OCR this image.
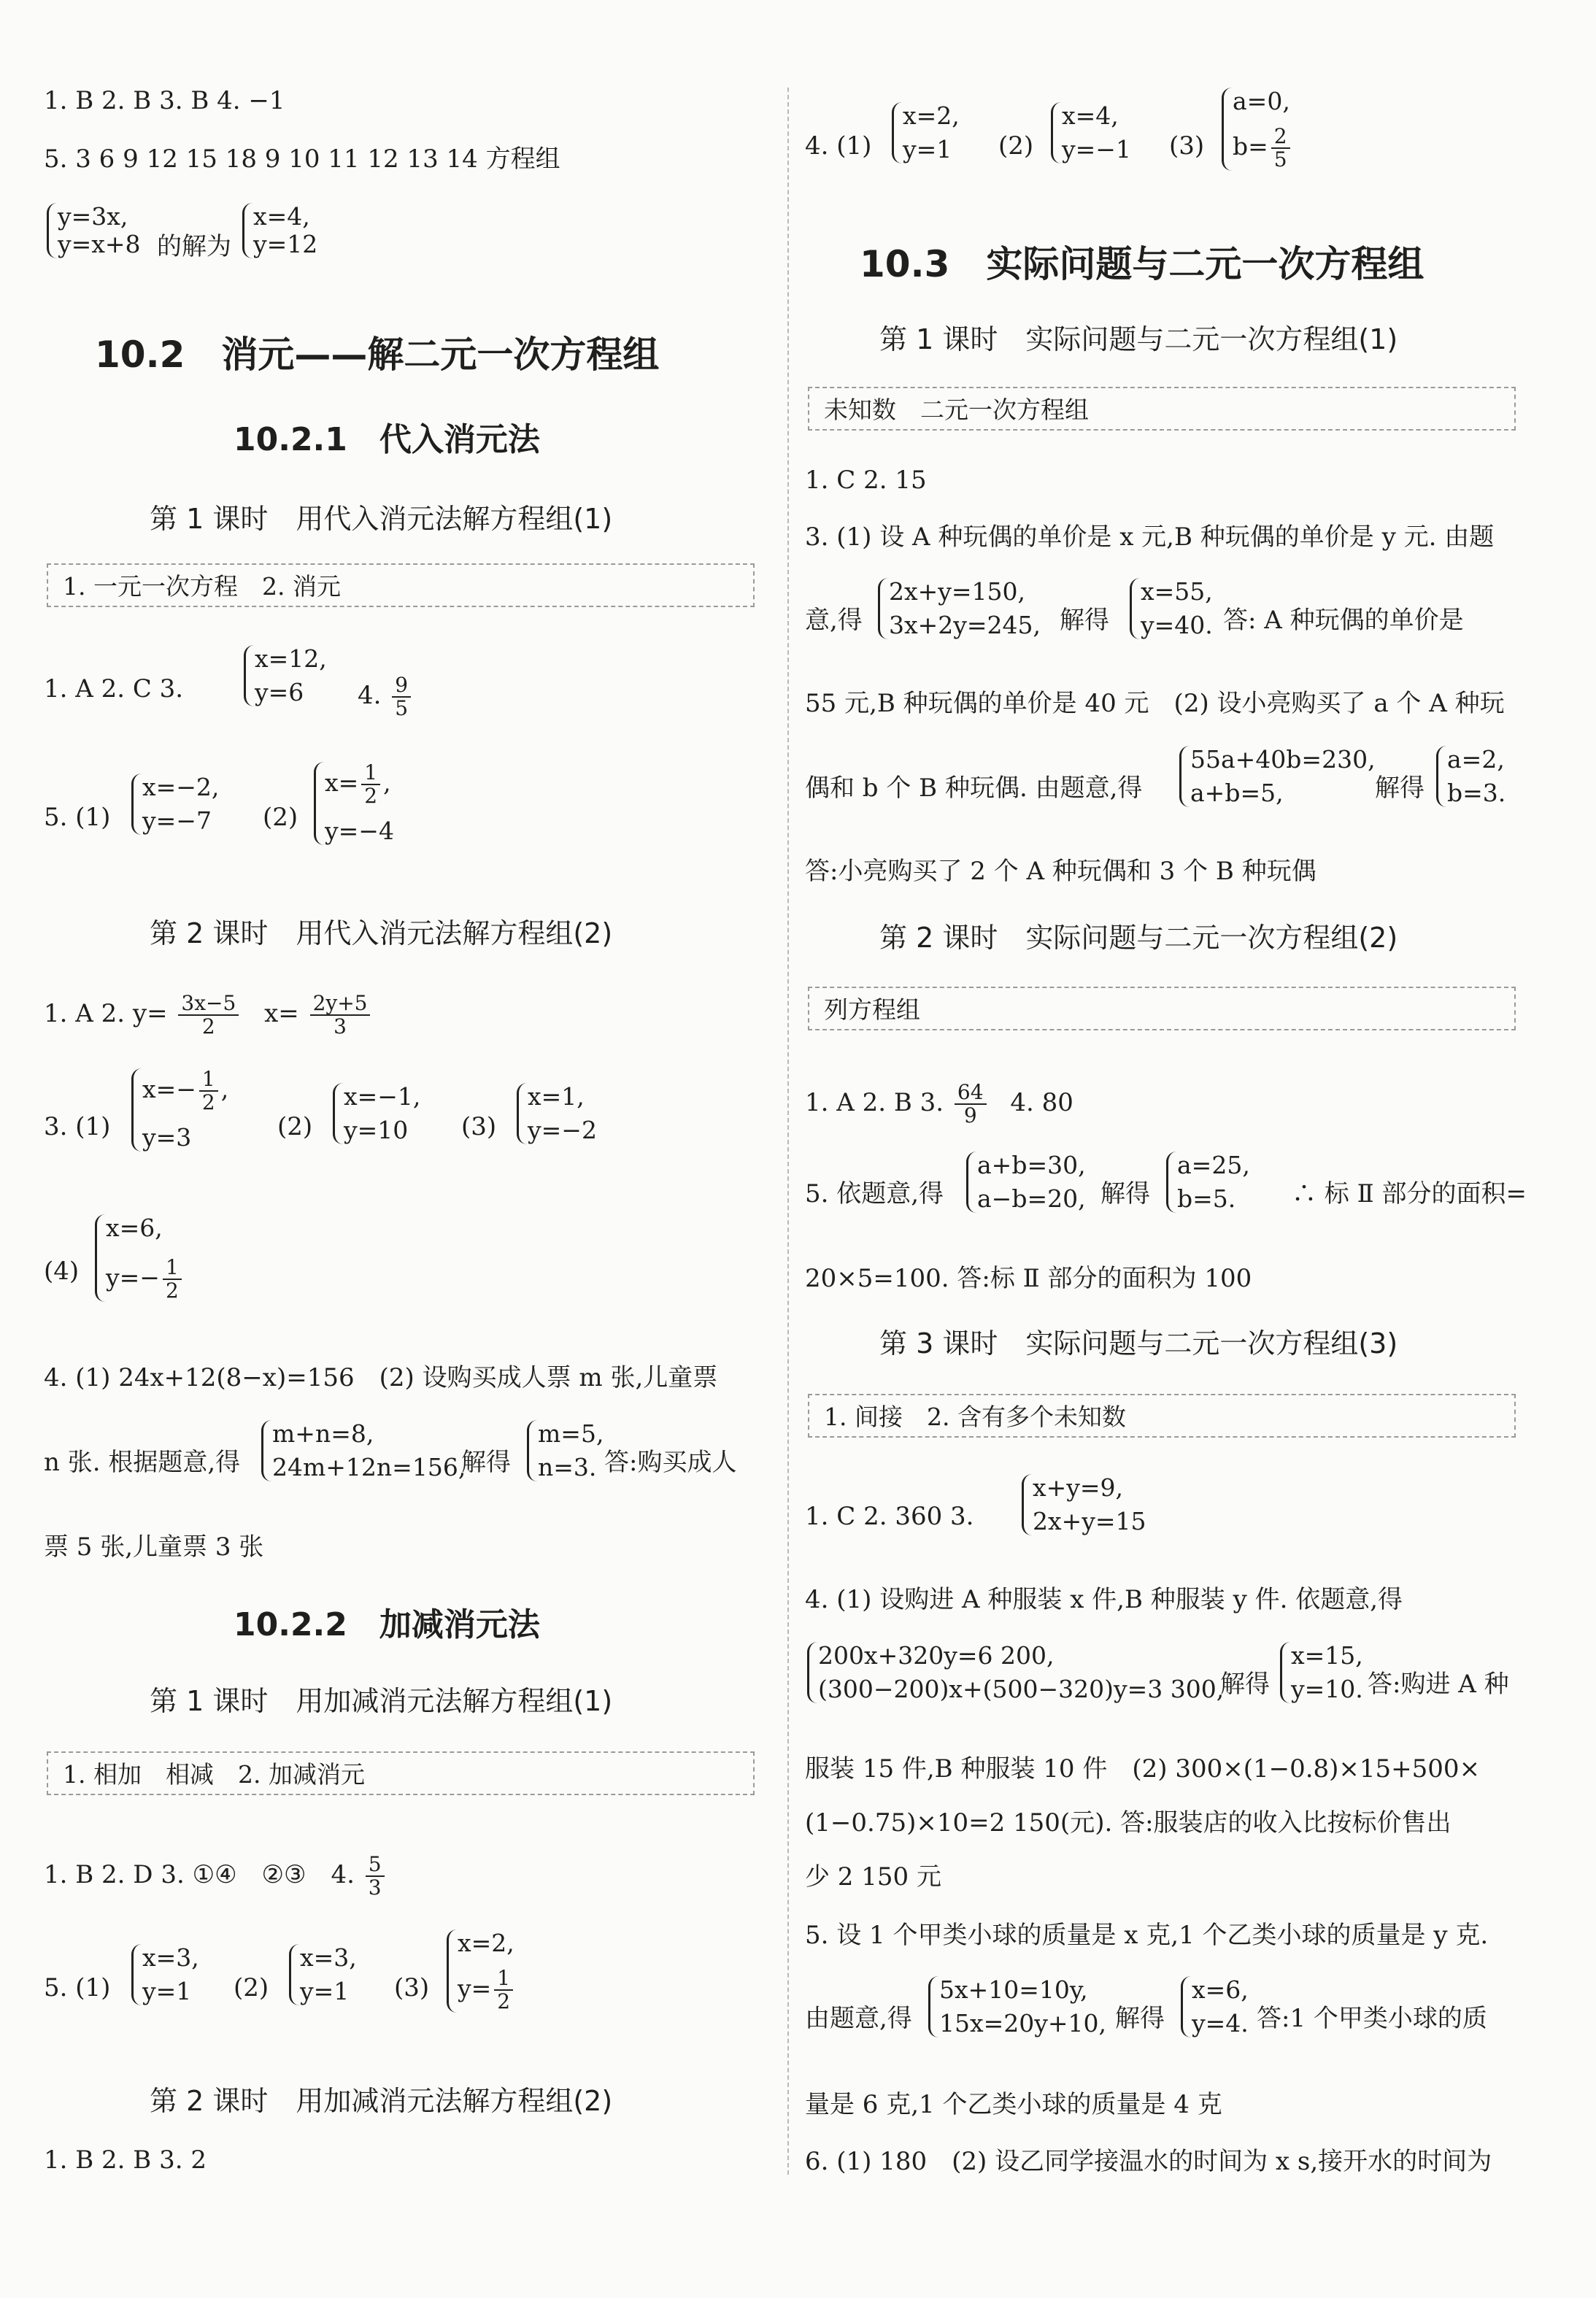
1. B 2. B 3. B 4. −1
5. 3 6 9 12 15 18 9 10 11 12 13 14 方程组
y=3x,
y=x+8 的解为
x=4,
y=12
10.2　消元——解二元一次方程组
10.2.1　代入消元法
第 1 课时　用代入消元法解方程组(1)
1. 一元一次方程　2. 消元
1. A 2. C 3.
x=12,
y=6	4. $\frac{9}{5}$
5. (1)
x=−2,
y=−7	(2)
$x= \frac{1}{2}$ ,
y=−4
第 2 课时　用代入消元法解方程组(2)
1. A 2. $y= \frac{3x-5}{2} x= \frac{2y+5}{3}$
3. (1)
$x=- \frac{1}{2}$ ,
y=3	(2)
x=−1,
y=10	(3)
x=1,
y=−2
(4)
x=6,
$y=- \frac{1}{2}$
4. (1) 24x+12(8−x)=156　(2) 设购买成人票 m 张,儿童票
n 张. 根据题意,得
m+n=8,
24m+12n=156,
解得
m=5,
n=3. 答:购买成人
票 5 张,儿童票 3 张
10.2.2　加减消元法
第 1 课时　用加减消元法解方程组(1)
1. 相加　相减　2. 加减消元
1. B 2. D 3. ①④　②③　4. $\frac{5}{3}$
5. (1)
x=3,
y=1	(2)
x=3,
y=1	(3)
x=2,
$y= \frac{1}{2}$
第 2 课时　用加减消元法解方程组(2)
1. B 2. B 3. 2
4. (1)
x=2,
y=1	(2)
x=4,
y=−1 (3)
a=0,
$b= \frac{2}{5}$
10.3　实际问题与二元一次方程组
第 1 课时　实际问题与二元一次方程组(1)
未知数　二元一次方程组
1. C 2. 15
3. (1) 设 A 种玩偶的单价是 x 元,B 种玩偶的单价是 y 元. 由题
意,得
2x+y=150,
3x+2y=245, 解得
x=55,
y=40. 答: A 种玩偶的单价是
55 元,B 种玩偶的单价是 40 元　(2) 设小亮购买了 a 个 A 种玩
偶和 b 个 B 种玩偶. 由题意,得
55a+40b=230,
a+b=5,	解得
a=2,
b=3.
答:小亮购买了 2 个 A 种玩偶和 3 个 B 种玩偶
第 2 课时　实际问题与二元一次方程组(2)
列方程组
1. A 2. B 3. $\frac{64}{9} 4$. 80
5. 依题意,得
a+b=30,
a−b=20, 解得
a=25,
b=5.	∴ 标 Ⅱ 部分的面积=
20×5=100. 答:标 Ⅱ 部分的面积为 100
第 3 课时　实际问题与二元一次方程组(3)
1. 间接　2. 含有多个未知数
1. C 2. 360 3.
x+y=9,
2x+y=15
4. (1) 设购进 A 种服装 x 件,B 种服装 y 件. 依题意,得
200x+320y=6 200,
(300−200)x+(500−320)y=3 300,
解得
x=15,
y=10. 答:购进 A 种
服装 15 件,B 种服装 10 件　(2) 300×(1−0.8)×15+500×
(1−0.75)×10=2 150(元). 答:服装店的收入比按标价售出
少 2 150 元
5. 设 1 个甲类小球的质量是 x 克,1 个乙类小球的质量是 y 克.
由题意,得
5x+10=10y,
15x=20y+10, 解得
x=6,
y=4. 答:1 个甲类小球的质
量是 6 克,1 个乙类小球的质量是 4 克
6. (1) 180　(2) 设乙同学接温水的时间为 x s,接开水的时间为
